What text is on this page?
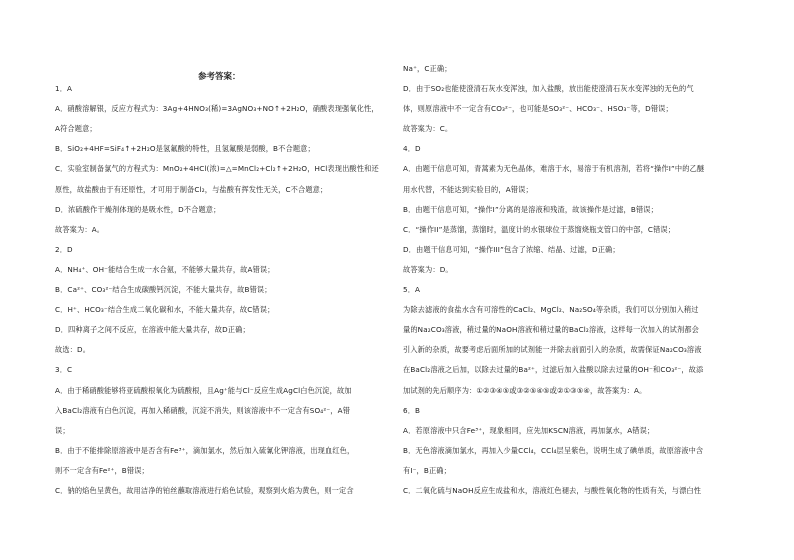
参考答案：
1．A
A．硝酸溶解银，反应方程式为：3Ag+4HNO₃(稀)=3AgNO₃+NO↑+2H₂O，硝酸表现强氧化性，
A符合题意；
B．SiO₂+4HF=SiF₄↑+2H₂O是氢氟酸的特性，且氢氟酸是弱酸，B不合题意；
C．实验室制备氯气的方程式为：MnO₂+4HCl(浓)=△=MnCl₂+Cl₂↑+2H₂O，HCl表现出酸性和还
原性，故盐酸由于有还原性，才可用于制备Cl₂，与盐酸有挥发性无关，C不合题意；
D．浓硫酸作干燥剂体现的是吸水性，D不合题意；
故答案为：A。
2．D
A．NH₄⁺、OH⁻能结合生成一水合氨，不能够大量共存，故A错误；
B．Ca²⁺、CO₃²⁻结合生成碳酸钙沉淀，不能大量共存，故B错误；
C．H⁺、HCO₃⁻结合生成二氧化碳和水，不能大量共存，故C错误；
D．四种离子之间不反应，在溶液中能大量共存，故D正确；
故选：D。
3．C
A．由于稀硝酸能够将亚硫酸根氧化为硫酸根，且Ag⁺能与Cl⁻反应生成AgCl白色沉淀，故加
入BaCl₂溶液有白色沉淀，再加入稀硝酸，沉淀不消失，则该溶液中不一定含有SO₄²⁻，A错
误；
B．由于不能排除原溶液中是否含有Fe³⁺，滴加氯水，然后加入硫氰化钾溶液，出现血红色，
则不一定含有Fe²⁺，B错误；
C．钠的焰色呈黄色，故用洁净的铂丝蘸取溶液进行焰色试验，观察到火焰为黄色，则一定含
Na⁺，C正确；
D．由于SO₂也能使澄清石灰水变浑浊，加入盐酸，放出能使澄清石灰水变浑浊的无色的气
体，则原溶液中不一定含有CO₃²⁻，也可能是SO₃²⁻、HCO₃⁻、HSO₃⁻等，D错误；
故答案为：C。
4．D
A．由题干信息可知，青蒿素为无色晶体，难溶于水，易溶于有机溶剂，若将“操作I”中的乙醚
用水代替，不能达到实验目的，A错误；
B．由题干信息可知，“操作I”分离的是溶液和残渣，故该操作是过滤，B错误；
C．“操作II”是蒸馏，蒸馏时，温度计的水银球位于蒸馏烧瓶支管口的中部，C错误；
D．由题干信息可知，“操作III”包含了浓缩、结晶、过滤，D正确；
故答案为：D。
5．A
为除去滤液的食盐水含有可溶性的CaCl₂、MgCl₂、Na₂SO₄等杂质，我们可以分别加入稍过
量的Na₂CO₃溶液，稍过量的NaOH溶液和稍过量的BaCl₂溶液，这样每一次加入的试剂都会
引入新的杂质，故要考虑后面所加的试剂能一并除去前面引入的杂质，故需保证Na₂CO₃溶液
在BaCl₂溶液之后加，以除去过量的Ba²⁺，过滤后加入盐酸以除去过量的OH⁻和CO₃²⁻，故添
加试剂的先后顺序为：①②③④⑤或③②⑤④⑤或②①③⑤④，故答案为：A。
6．B
A．若原溶液中只含Fe³⁺，现象相同，应先加KSCN溶液，再加氯水，A错误；
B．无色溶液滴加氯水，再加入少量CCl₄，CCl₄层呈紫色，说明生成了碘单质，故原溶液中含
有I⁻，B正确；
C．二氧化硫与NaOH反应生成盐和水，溶液红色褪去，与酸性氧化物的性质有关，与漂白性
